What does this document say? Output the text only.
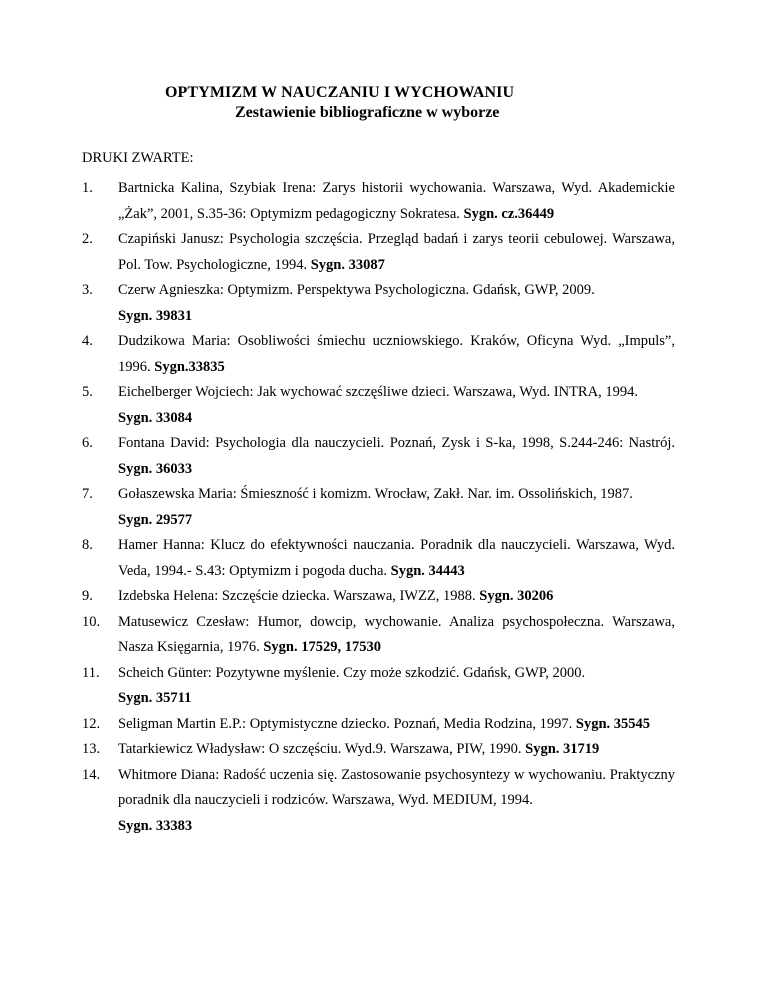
OPTYMIZM W NAUCZANIU I WYCHOWANIU
Zestawienie bibliograficzne w wyborze
DRUKI ZWARTE:
1. Bartnicka Kalina, Szybiak Irena: Zarys historii wychowania. Warszawa, Wyd. Akademickie „Żak”, 2001, S.35-36: Optymizm pedagogiczny Sokratesa. Sygn. cz.36449
2. Czapiński Janusz: Psychologia szczęścia. Przegląd badań i zarys teorii cebulowej. Warszawa, Pol. Tow. Psychologiczne, 1994. Sygn. 33087
3. Czerw Agnieszka: Optymizm. Perspektywa Psychologiczna. Gdańsk, GWP, 2009.
Sygn. 39831
4. Dudzikowa Maria: Osobliwości śmiechu uczniowskiego. Kraków, Oficyna Wyd. „Impuls”, 1996. Sygn.33835
5. Eichelberger Wojciech: Jak wychować szczęśliwe dzieci. Warszawa, Wyd. INTRA, 1994.
Sygn. 33084
6. Fontana David: Psychologia dla nauczycieli. Poznań, Zysk i S-ka, 1998, S.244-246: Nastrój. Sygn. 36033
7. Gołaszewska Maria: Śmieszność i komizm. Wrocław, Zakł. Nar. im. Ossolińskich, 1987.
Sygn. 29577
8. Hamer Hanna: Klucz do efektywności nauczania. Poradnik dla nauczycieli. Warszawa, Wyd. Veda, 1994.- S.43: Optymizm i pogoda ducha. Sygn. 34443
9. Izdebska Helena: Szczęście dziecka. Warszawa, IWZZ, 1988. Sygn. 30206
10. Matusewicz Czesław: Humor, dowcip, wychowanie. Analiza psychospołeczna. Warszawa, Nasza Księgarnia, 1976. Sygn. 17529, 17530
11. Scheich Günter: Pozytywne myślenie. Czy może szkodzić. Gdańsk, GWP, 2000.
Sygn. 35711
12. Seligman Martin E.P.: Optymistyczne dziecko. Poznań, Media Rodzina, 1997. Sygn. 35545
13. Tatarkiewicz Władysław: O szczęściu. Wyd.9. Warszawa, PIW, 1990. Sygn. 31719
14. Whitmore Diana: Radość uczenia się. Zastosowanie psychosyntezy w wychowaniu. Praktyczny poradnik dla nauczycieli i rodziców. Warszawa, Wyd. MEDIUM, 1994.
Sygn. 33383
